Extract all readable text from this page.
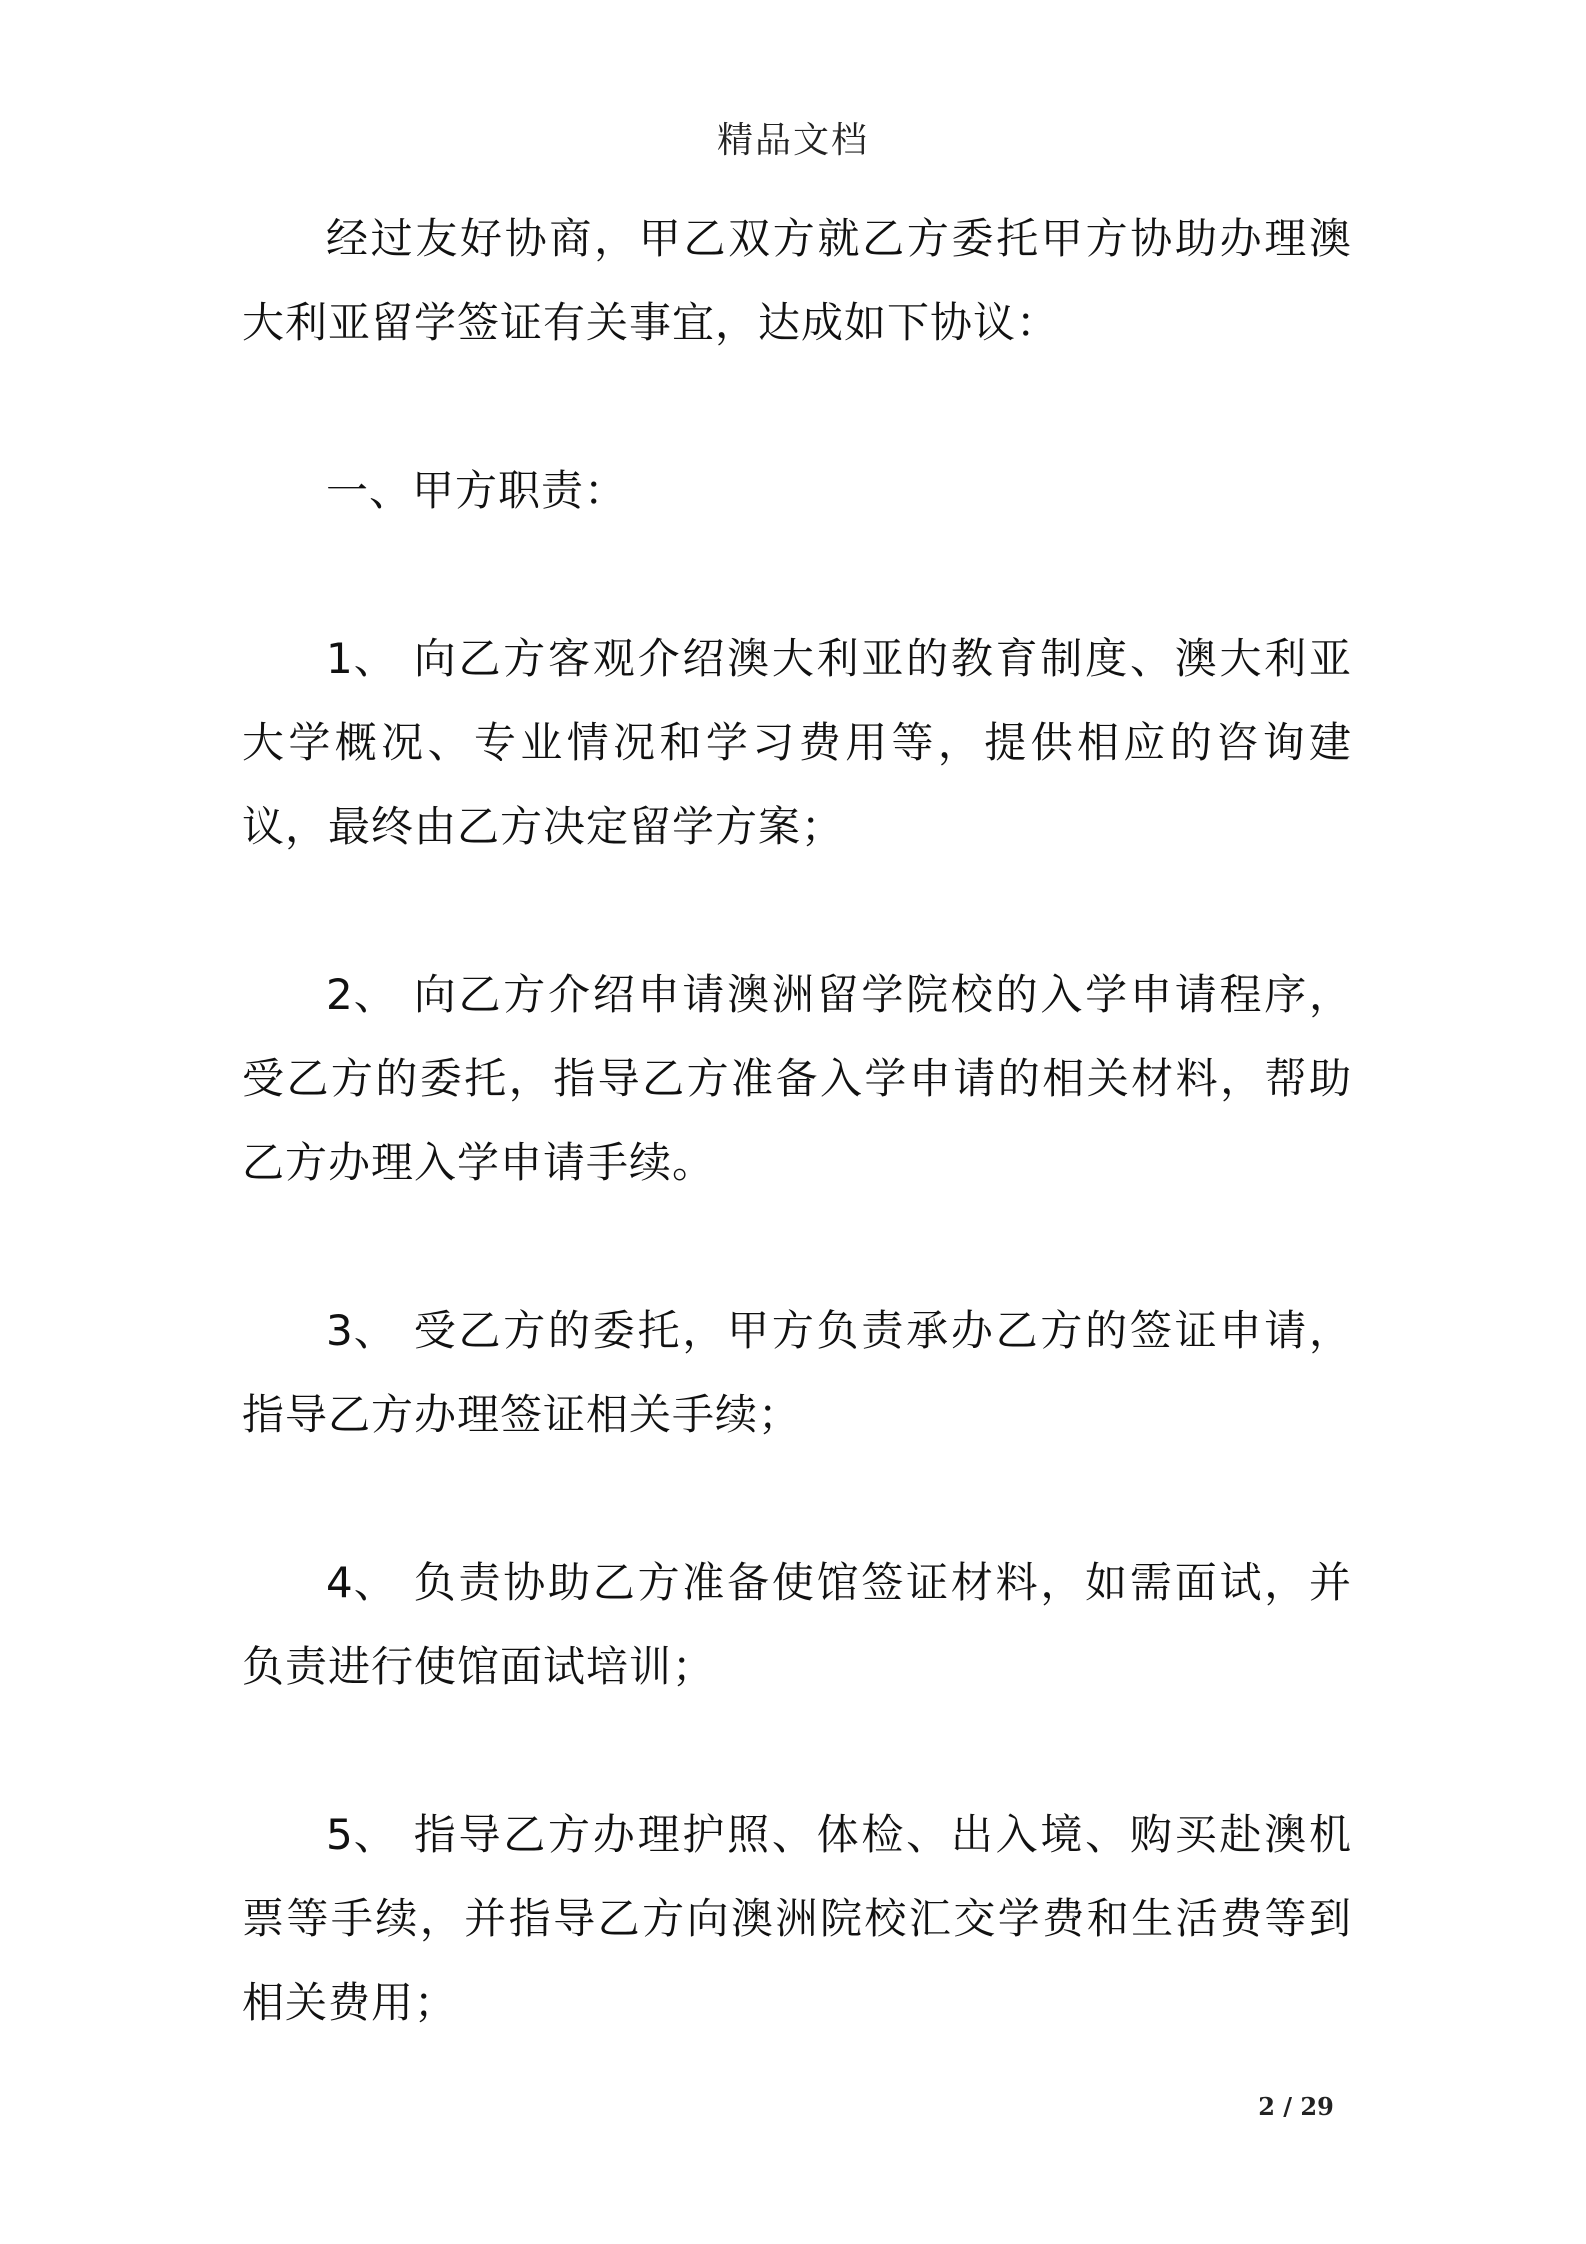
精品文档

经过友好协商，甲乙双方就乙方委托甲方协助办理澳大利亚留学签证有关事宜，达成如下协议：

一、甲方职责：

1、 向乙方客观介绍澳大利亚的教育制度、澳大利亚大学概况、专业情况和学习费用等，提供相应的咨询建议，最终由乙方决定留学方案；

2、 向乙方介绍申请澳洲留学院校的入学申请程序，受乙方的委托，指导乙方准备入学申请的相关材料，帮助乙方办理入学申请手续。

3、 受乙方的委托，甲方负责承办乙方的签证申请，指导乙方办理签证相关手续；

4、 负责协助乙方准备使馆签证材料，如需面试，并负责进行使馆面试培训；

5、 指导乙方办理护照、体检、出入境、购买赴澳机票等手续，并指导乙方向澳洲院校汇交学费和生活费等到相关费用；

2 / 29
